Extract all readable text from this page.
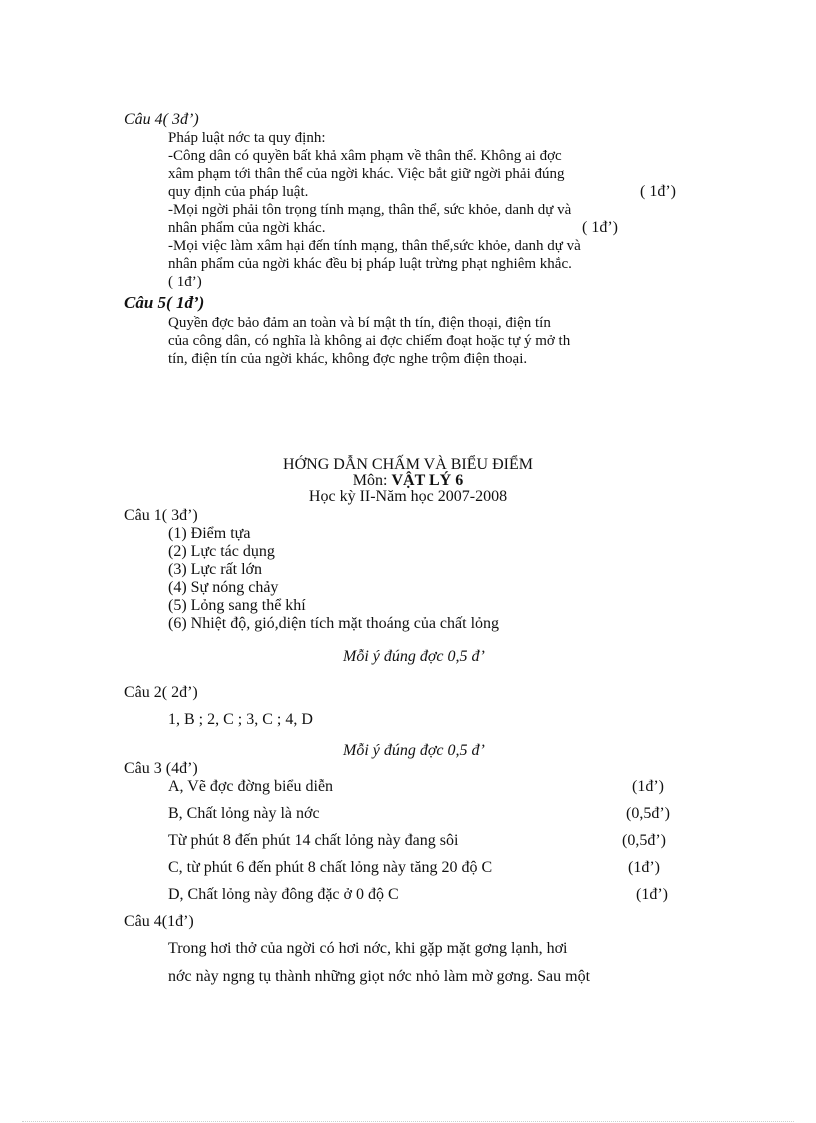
Câu 4( 3đ’)
Pháp luật nớc ta quy định:
-Công dân có quyền bất khả xâm phạm về thân thể. Không ai đợc
xâm phạm tới thân thể của ngời khác. Việc bắt giữ ngời phải đúng
quy định của pháp luật.	( 1đ’)
-Mọi ngời phải tôn trọng tính mạng, thân thể, sức khỏe, danh dự và
nhân phẩm của ngời khác.	( 1đ’)
-Mọi việc làm xâm hại đến tính mạng, thân thể,sức khỏe, danh dự và
nhân phẩm của ngời khác đều bị pháp luật trừng phạt nghiêm khắc.
( 1đ’)
Câu 5( 1đ’)
Quyền đợc bảo đảm an toàn và bí mật th tín, điện thoại, điện tín
của công dân, có nghĩa là không ai đợc chiếm đoạt hoặc tự ý mở th
tín, điện tín của ngời khác, không đợc nghe trộm điện thoại.
HỚNG DẪN CHẤM VÀ BIỂU ĐIỂM
Môn: VẬT LÝ 6
Học kỳ II-Năm học 2007-2008
Câu 1( 3đ’)
(1) Điểm tựa
(2) Lực tác dụng
(3) Lực rất lớn
(4) Sự nóng chảy
(5) Lỏng sang thể khí
(6) Nhiệt độ, gió,diện tích mặt thoáng của chất lỏng
Mỗi ý đúng đợc 0,5 đ’
Câu 2( 2đ’)
1, B ; 2, C ; 3, C ; 4, D
Mỗi ý đúng đợc 0,5 đ’
Câu 3 (4đ’)
A, Vẽ đợc đờng biểu diễn	(1đ’)
B, Chất lỏng này là nớc	(0,5đ’)
Từ phút 8 đến phút 14 chất lỏng này đang sôi	(0,5đ’)
C, từ phút 6 đến phút 8 chất lỏng này tăng 20 độ C	(1đ’)
D, Chất lỏng này đông đặc ở 0 độ C	(1đ’)
Câu 4(1đ’)
Trong hơi thở của ngời có hơi nớc, khi gặp mặt gơng lạnh, hơi
nớc này ngng tụ thành những giọt nớc nhỏ làm mờ gơng. Sau một
